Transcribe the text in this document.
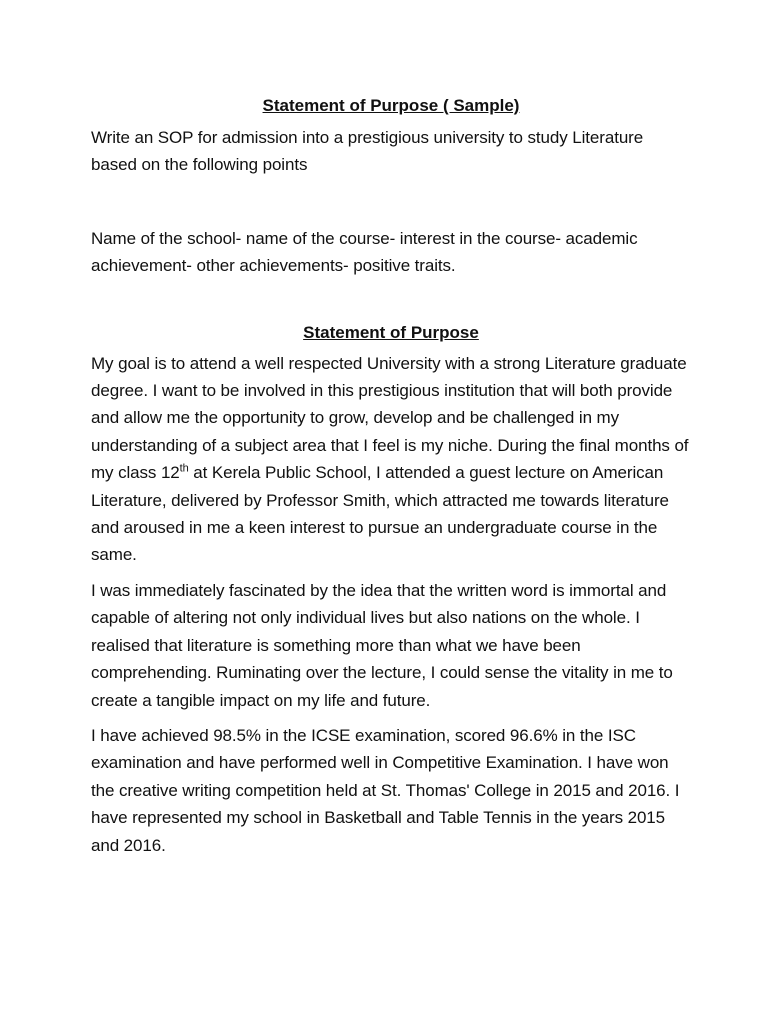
Statement of Purpose ( Sample)

Write an SOP for admission into a prestigious university to study Literature based on the following points

Name of the school- name of the course- interest in the course- academic achievement- other achievements- positive traits.

Statement of Purpose

My goal is to attend a well respected University with a strong Literature graduate degree. I want to be involved in this prestigious institution that will both provide and allow me the opportunity to grow, develop and be challenged in my understanding of a subject area that I feel is my niche. During the final months of my class 12th at Kerela Public School, I attended a guest lecture on American Literature, delivered by Professor Smith, which attracted me towards literature and aroused in me a keen interest to pursue an undergraduate course in the same.

I was immediately fascinated by the idea that the written word is immortal and capable of altering not only individual lives but also nations on the whole. I realised that literature is something more than what we have been comprehending. Ruminating over the lecture, I could sense the vitality in me to create a tangible impact on my life and future.

I have achieved 98.5% in the ICSE examination, scored 96.6% in the ISC examination and have performed well in Competitive Examination. I have won the creative writing competition held at St. Thomas' College in 2015 and 2016. I have represented my school in Basketball and Table Tennis in the years 2015 and 2016.
